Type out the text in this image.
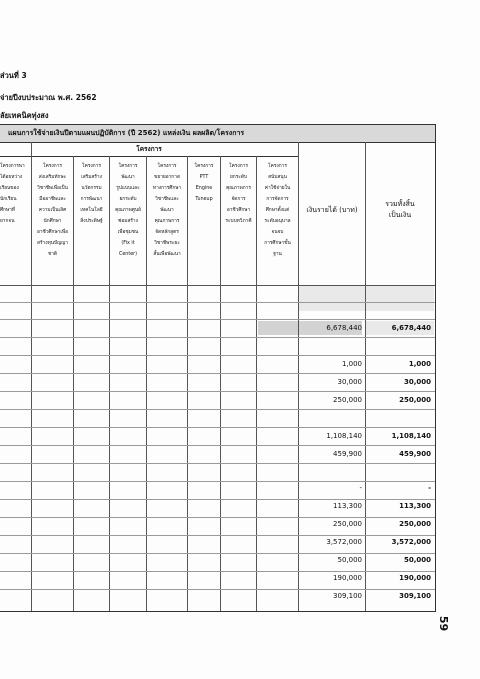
ส่วนที่ 3
จ่ายปีงบประมาณ พ.ศ. 2562
ลัยเทคนิคทุ่งสง
แผนการใช้จ่ายเงินปีตามแผนปฏิบัติการ (ปี 2562) แหล่งเงิน ผลผลิต/โครงการ
โครงการ
โครงการพา
ไต้อยหว่าง
เรียนของ
นักเรียน
ศึกษาที่
ยากจน
โครงการ
ส่งเสริมทักษะ
วิชาชีพเพื่อเป็น
มืออาชีพและ
ความเป็นเลิศ
นักศึกษา
อาชีวศึกษาเพื่อ
สร้างทุนปัญญา
ชาติ
โครงการ
เสริมสร้าง
นวัตกรรม
การพัฒนา
เทคโนโลยี
สิ่งประดิษฐ์
โครงการ
พัฒนา
รูปแบบและ
ยกระดับ
คุณภาพศูนย์
ซ่อมสร้าง
เพื่อชุมชน
(Fix it
Center)
โครงการ
ขยายอากาส
ทางการศึกษา
วิชาชีพและ
พัฒนา
คุณภาพการ
จัดหลักสูตร
วิชาชีพระยะ
สั้นเพื่อพัฒนา
โครงการ
PTT
Engine
Tuneup
โครงการ
ยกระดับ
คุณภาพการ
จัดการ
อาชีวศึกษา
ระบบทวิภาคี
โครงการ
สนับสนุน
ค่าใช้จ่ายใน
การจัดการ
ศึกษาตั้งแต่
ระดับอนุบาล
จนจบ
การศึกษาขั้น
ฐาน
เงินรายได้ (บาท)
รวมทั้งสิ้น
เป็นเงิน
6,678,440	6,678,440
1,000	1,000
30,000	30,000
250,000	250,000
1,108,140	1,108,140
459,900	459,900
-	-
113,300	113,300
250,000	250,000
3,572,000	3,572,000
50,000	50,000
190,000	190,000
309,100	309,100
59
